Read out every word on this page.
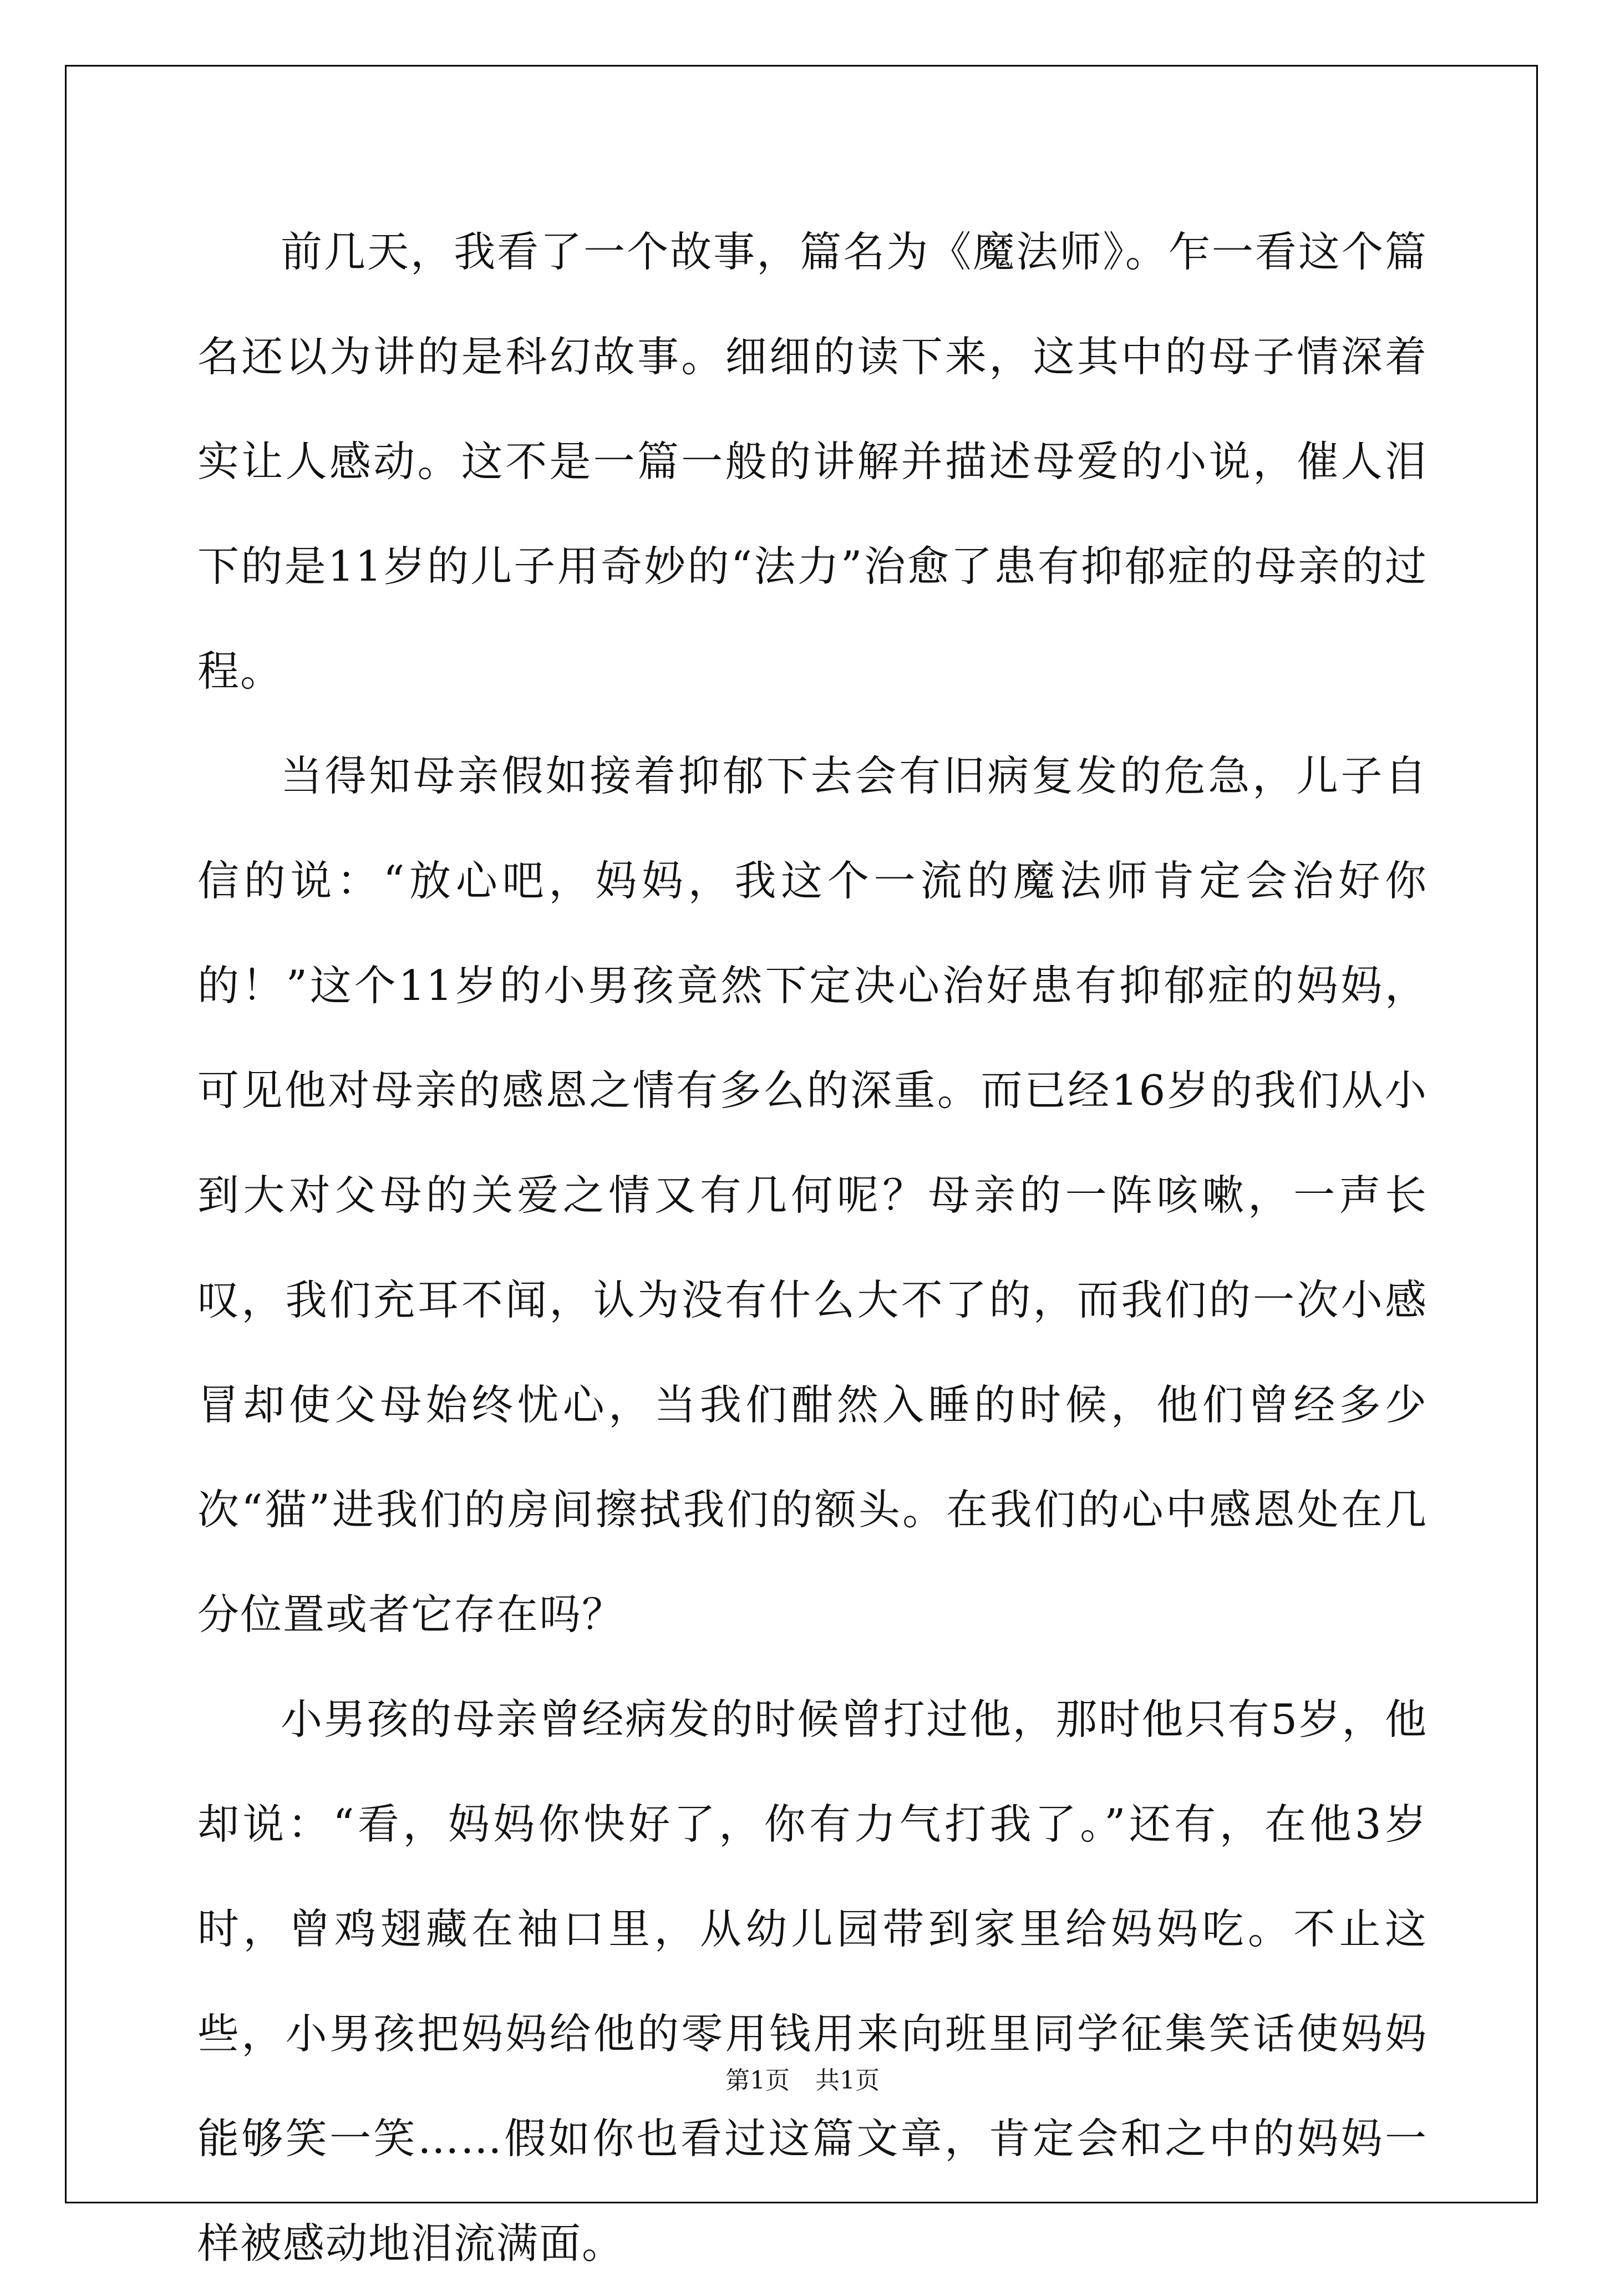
前几天，我看了一个故事，篇名为《魔法师》。乍一看这个篇名还以为讲的是科幻故事。细细的读下来，这其中的母子情深着实让人感动。这不是一篇一般的讲解并描述母爱的小说，催人泪下的是11岁的儿子用奇妙的“法力”治愈了患有抑郁症的母亲的过程。

当得知母亲假如接着抑郁下去会有旧病复发的危急，儿子自信的说：“放心吧，妈妈，我这个一流的魔法师肯定会治好你的！”这个11岁的小男孩竟然下定决心治好患有抑郁症的妈妈，可见他对母亲的感恩之情有多么的深重。而已经16岁的我们从小到大对父母的关爱之情又有几何呢？母亲的一阵咳嗽，一声长叹，我们充耳不闻，认为没有什么大不了的，而我们的一次小感冒却使父母始终忧心，当我们酣然入睡的时候，他们曾经多少次“猫”进我们的房间擦拭我们的额头。在我们的心中感恩处在几分位置或者它存在吗？

小男孩的母亲曾经病发的时候曾打过他，那时他只有5岁，他却说：“看，妈妈你快好了，你有力气打我了。”还有，在他3岁时，曾鸡翅藏在袖口里，从幼儿园带到家里给妈妈吃。不止这些，小男孩把妈妈给他的零用钱用来向班里同学征集笑话使妈妈能够笑一笑……假如你也看过这篇文章，肯定会和之中的妈妈一样被感动地泪流满面。

第1页 共1页
